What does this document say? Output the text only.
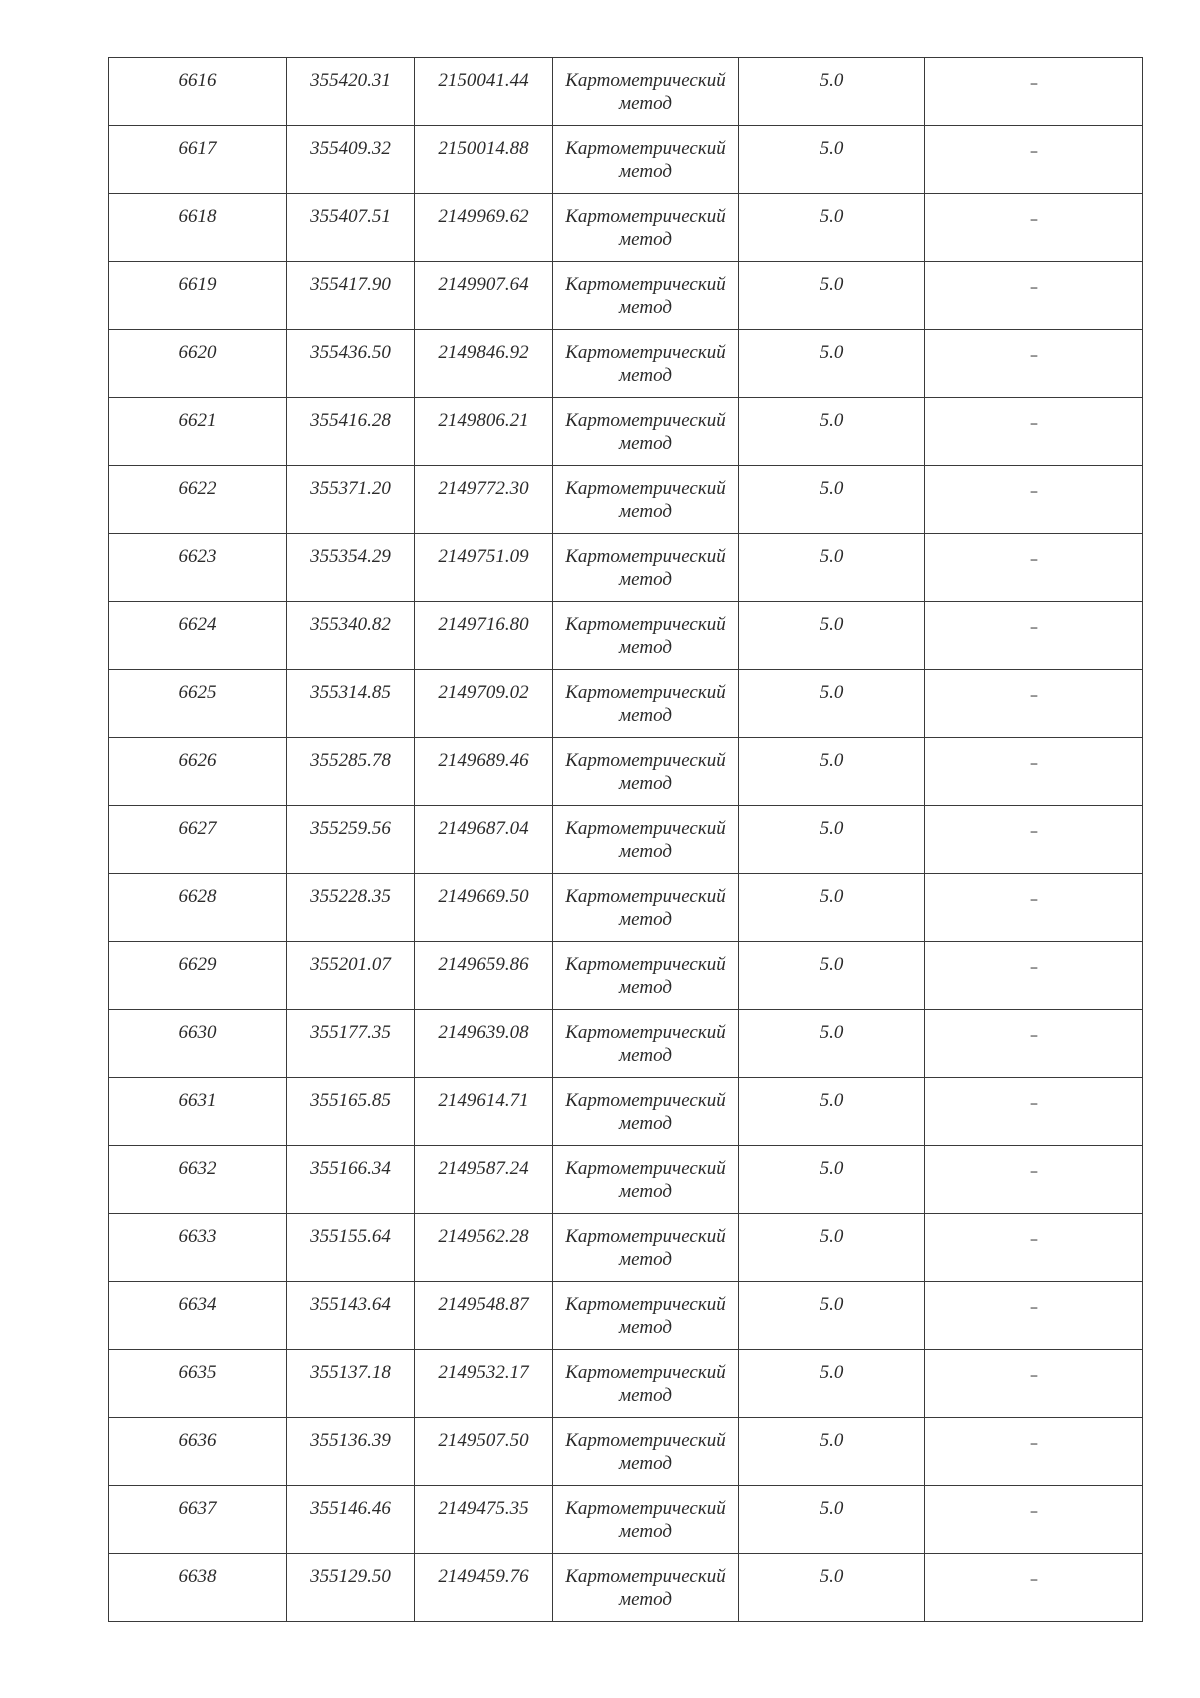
6616	355420.31	2150041.44	Картометрический метод	5.0	--

6617	355409.32	2150014.88	Картометрический метод	5.0	--

6618	355407.51	2149969.62	Картометрический метод	5.0	--

6619	355417.90	2149907.64	Картометрический метод	5.0	--

6620	355436.50	2149846.92	Картометрический метод	5.0	--

6621	355416.28	2149806.21	Картометрический метод	5.0	--

6622	355371.20	2149772.30	Картометрический метод	5.0	--

6623	355354.29	2149751.09	Картометрический метод	5.0	--

6624	355340.82	2149716.80	Картометрический метод	5.0	--

6625	355314.85	2149709.02	Картометрический метод	5.0	--

6626	355285.78	2149689.46	Картометрический метод	5.0	--

6627	355259.56	2149687.04	Картометрический метод	5.0	--

6628	355228.35	2149669.50	Картометрический метод	5.0	--

6629	355201.07	2149659.86	Картометрический метод	5.0	--

6630	355177.35	2149639.08	Картометрический метод	5.0	--

6631	355165.85	2149614.71	Картометрический метод	5.0	--

6632	355166.34	2149587.24	Картометрический метод	5.0	--

6633	355155.64	2149562.28	Картометрический метод	5.0	--

6634	355143.64	2149548.87	Картометрический метод	5.0	--

6635	355137.18	2149532.17	Картометрический метод	5.0	--

6636	355136.39	2149507.50	Картометрический метод	5.0	--

6637	355146.46	2149475.35	Картометрический метод	5.0	--

6638	355129.50	2149459.76	Картометрический метод	5.0	--
